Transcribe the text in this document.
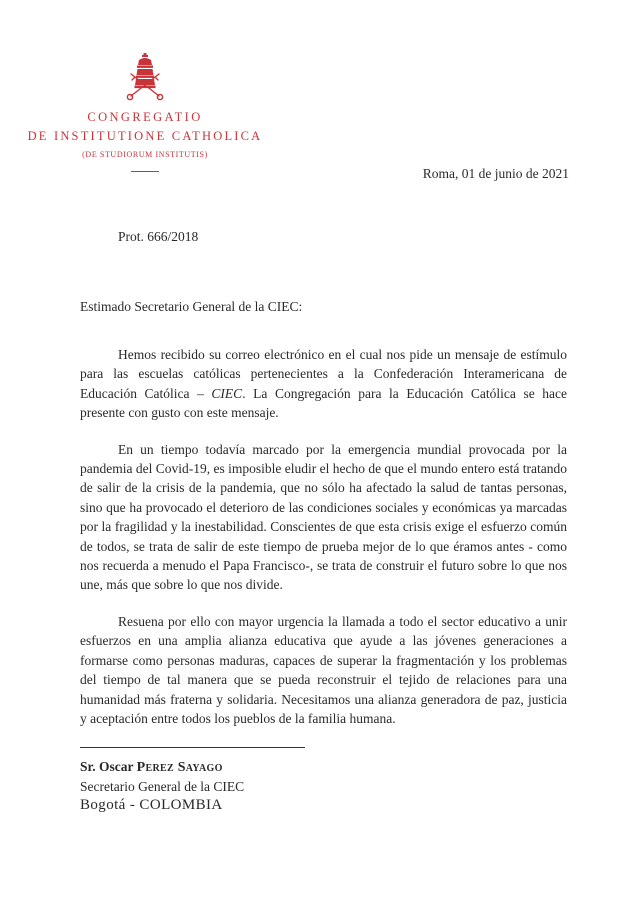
CONGREGATIO
DE INSTITUTIONE CATHOLICA
(DE STUDIORUM INSTITUTIS)
Roma, 01 de junio de 2021
Prot. 666/2018
Estimado Secretario General de la CIEC:

Hemos recibido su correo electrónico en el cual nos pide un mensaje de estímulo para las escuelas católicas pertenecientes a la Confederación Interamericana de Educación Católica – CIEC. La Congregación para la Educación Católica se hace presente con gusto con este mensaje.

En un tiempo todavía marcado por la emergencia mundial provocada por la pandemia del Covid-19, es imposible eludir el hecho de que el mundo entero está tratando de salir de la crisis de la pandemia, que no sólo ha afectado la salud de tantas personas, sino que ha provocado el deterioro de las condiciones sociales y económicas ya marcadas por la fragilidad y la inestabilidad. Conscientes de que esta crisis exige el esfuerzo común de todos, se trata de salir de este tiempo de prueba mejor de lo que éramos antes - como nos recuerda a menudo el Papa Francisco-, se trata de construir el futuro sobre lo que nos une, más que sobre lo que nos divide.

Resuena por ello con mayor urgencia la llamada a todo el sector educativo a unir esfuerzos en una amplia alianza educativa que ayude a las jóvenes generaciones a formarse como personas maduras, capaces de superar la fragmentación y los problemas del tiempo de tal manera que se pueda reconstruir el tejido de relaciones para una humanidad más fraterna y solidaria. Necesitamos una alianza generadora de paz, justicia y aceptación entre todos los pueblos de la familia humana.

Sr. Oscar Perez Sayago
Secretario General de la CIEC
Bogotá - COLOMBIA
